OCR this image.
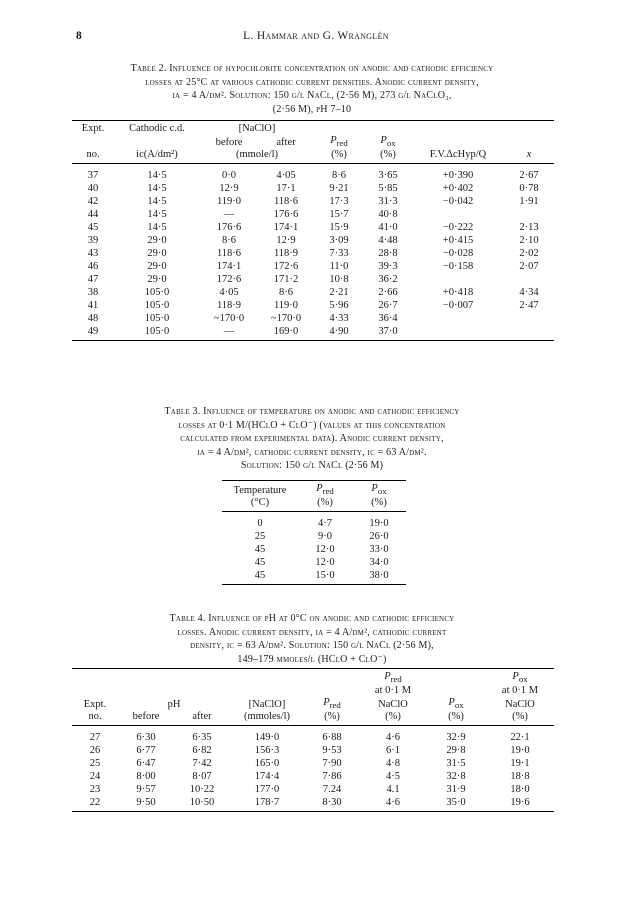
8	L. Hammar and G. Wranglén
Table 2. Influence of hypochlorite concentration on anodic and cathodic efficiency
losses at 25°C at various cathodic current densities. Anodic current density,
ia = 4 A/dm². Solution: 150 g/l NaCl, (2·56 M), 273 g/l NaClO₃,
(2·56 M), pH 7–10
Expt.	Cathodic c.d.	[NaClO]					
		before	after	$P_{red}$	$P_{ox}$		
no.	ic(A/dm²)	(mmole/l)		(%)	(%)	F.V.ΔcHyp/Q	x
37	14·5	0·0	4·05	8·6	3·65	+0·390	2·67
40	14·5	12·9	17·1	9·21	5·85	+0·402	0·78
42	14·5	119·0	118·6	17·3	31·3	−0·042	1·91
44	14·5	—	176·6	15·7	40·8		
45	14·5	176·6	174·1	15·9	41·0	−0·222	2·13
39	29·0	8·6	12·9	3·09	4·48	+0·415	2·10
43	29·0	118·6	118·9	7·33	28·8	−0·028	2·02
46	29·0	174·1	172·6	11·0	39·3	−0·158	2·07
47	29·0	172·6	171·2	10·8	36·2		
38	105·0	4·05	8·6	2·21	2·66	+0·418	4·34
41	105·0	118·9	119·0	5·96	26·7	−0·007	2·47
48	105·0	~170·0	~170·0	4·33	36·4		
49	105·0	—	169·0	4·90	37·0		
Table 3. Influence of temperature on anodic and cathodic efficiency
losses at 0·1 M/(HClO + ClO⁻) (values at this concentration
calculated from experimental data). Anodic current density,
ia = 4 A/dm², cathodic current density, ic = 63 A/dm².
Solution: 150 g/l NaCl (2·56 M)
Temperature	$P_{red}$	$P_{ox}$
(°C)	(%)	(%)
0	4·7	19·0
25	9·0	26·0
45	12·0	33·0
45	12·0	34·0
45	15·0	38·0
Table 4. Influence of pH at 0°C on anodic and cathodic efficiency
losses. Anodic current density, ia = 4 A/dm², cathodic current
density, ic = 63 A/dm². Solution: 150 g/l NaCl (2·56 M),
149–179 mmoles/l (HClO + ClO⁻)
					$P_{red}$		$P_{ox}$
					at 0·1 M		at 0·1 M
Expt.	pH		[NaClO]	$P_{red}$	NaClO	$P_{ox}$	NaClO
no.	before	after	(mmoles/l)	(%)	(%)	(%)	(%)
27	6·30	6·35	149·0	6·88	4·6	32·9	22·1
26	6·77	6·82	156·3	9·53	6·1	29·8	19·0
25	6·47	7·42	165·0	7·90	4·8	31·5	19·1
24	8·00	8·07	174·4	7·86	4·5	32·8	18·8
23	9·57	10·22	177·0	7.24	4.1	31·9	18·0
22	9·50	10·50	178·7	8·30	4·6	35·0	19·6
